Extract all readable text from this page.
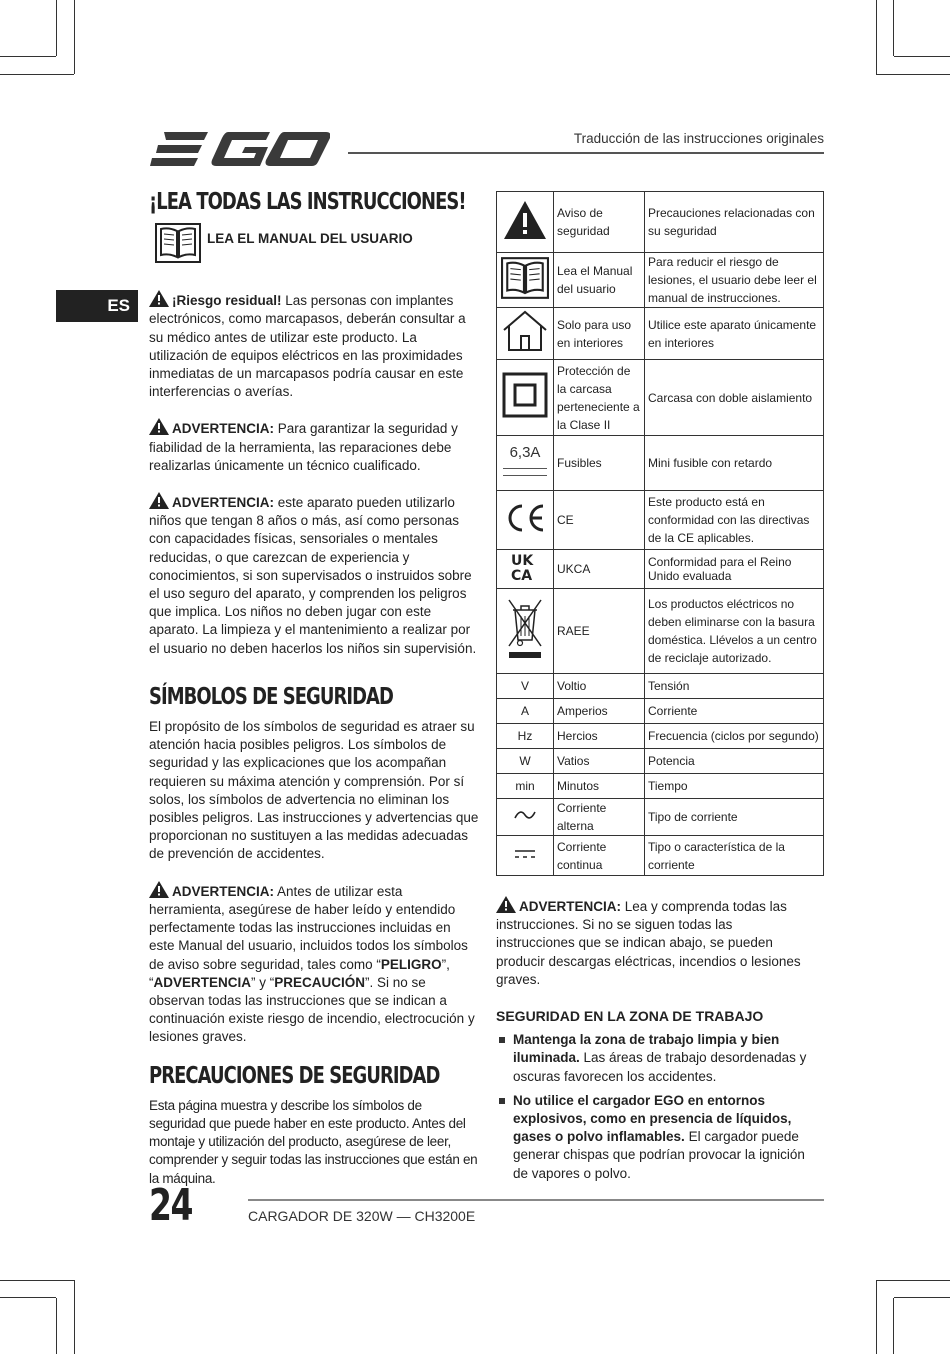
Traducción de las instrucciones originales
ES
¡LEA TODAS LAS INSTRUCCIONES!
LEA EL MANUAL DEL USUARIO

¡Riesgo residual! Las personas con implantes electrónicos, como marcapasos, deberán consultar a su médico antes de utilizar este producto. La utilización de equipos eléctricos en las proximidades inmediatas de un marcapasos podría causar en este interferencias o averías.

ADVERTENCIA: Para garantizar la seguridad y fiabilidad de la herramienta, las reparaciones debe realizarlas únicamente un técnico cualificado.

ADVERTENCIA: este aparato pueden utilizarlo niños que tengan 8 años o más, así como personas con capacidades físicas, sensoriales o mentales reducidas, o que carezcan de experiencia y conocimientos, si son supervisados o instruidos sobre el uso seguro del aparato, y comprenden los peligros que implica. Los niños no deben jugar con este aparato. La limpieza y el mantenimiento a realizar por el usuario no deben hacerlos los niños sin supervisión.

SÍMBOLOS DE SEGURIDAD

El propósito de los símbolos de seguridad es atraer su atención hacia posibles peligros. Los símbolos de seguridad y las explicaciones que los acompañan requieren su máxima atención y comprensión. Por sí solos, los símbolos de advertencia no eliminan los posibles peligros. Las instrucciones y advertencias que proporcionan no sustituyen a las medidas adecuadas de prevención de accidentes.

ADVERTENCIA: Antes de utilizar esta herramienta, asegúrese de haber leído y entendido perfectamente todas las instrucciones incluidas en este Manual del usuario, incluidos todos los símbolos de aviso sobre seguridad, tales como “PELIGRO”, “ADVERTENCIA” y “PRECAUCIÓN”. Si no se observan todas las instrucciones que se indican a continuación existe riesgo de incendio, electrocución y lesiones graves.

PRECAUCIONES DE SEGURIDAD

Esta página muestra y describe los símbolos de seguridad que puede haber en este producto. Antes del montaje y utilización del producto, asegúrese de leer, comprender y seguir todas las instrucciones que están en la máquina.

	Aviso de seguridad	Precauciones relacionadas con su seguridad
	Lea el Manual del usuario	Para reducir el riesgo de lesiones, el usuario debe leer el manual de instrucciones.
	Solo para uso en interiores	Utilice este aparato únicamente en interiores
	Protección de la carcasa perteneciente a la Clase II	Carcasa con doble aislamiento

6,3A	Fusibles	Mini fusible con retardo
	CE	Este producto está en conformidad con las directivas de la CE aplicables.

UK
CA	UKCA	Conformidad para el Reino Unido evaluada
	RAEE	Los productos eléctricos no deben eliminarse con la basura doméstica. Llévelos a un centro de reciclaje autorizado.
V	Voltio	Tensión
A	Amperios	Corriente
Hz	Hercios	Frecuencia (ciclos por segundo)
W	Vatios	Potencia
min	Minutos	Tiempo
	Corriente alterna	Tipo de corriente
	Corriente continua	Tipo o característica de la corriente

ADVERTENCIA: Lea y comprenda todas las instrucciones. Si no se siguen todas las instrucciones que se indican abajo, se pueden producir descargas eléctricas, incendios o lesiones graves.

SEGURIDAD EN LA ZONA DE TRABAJO
Mantenga la zona de trabajo limpia y bien iluminada. Las áreas de trabajo desordenadas y oscuras favorecen los accidentes.
No utilice el cargador EGO en entornos explosivos, como en presencia de líquidos, gases o polvo inflamables. El cargador puede generar chispas que podrían provocar la ignición de vapores o polvo.
24	CARGADOR DE 320W — CH3200E
